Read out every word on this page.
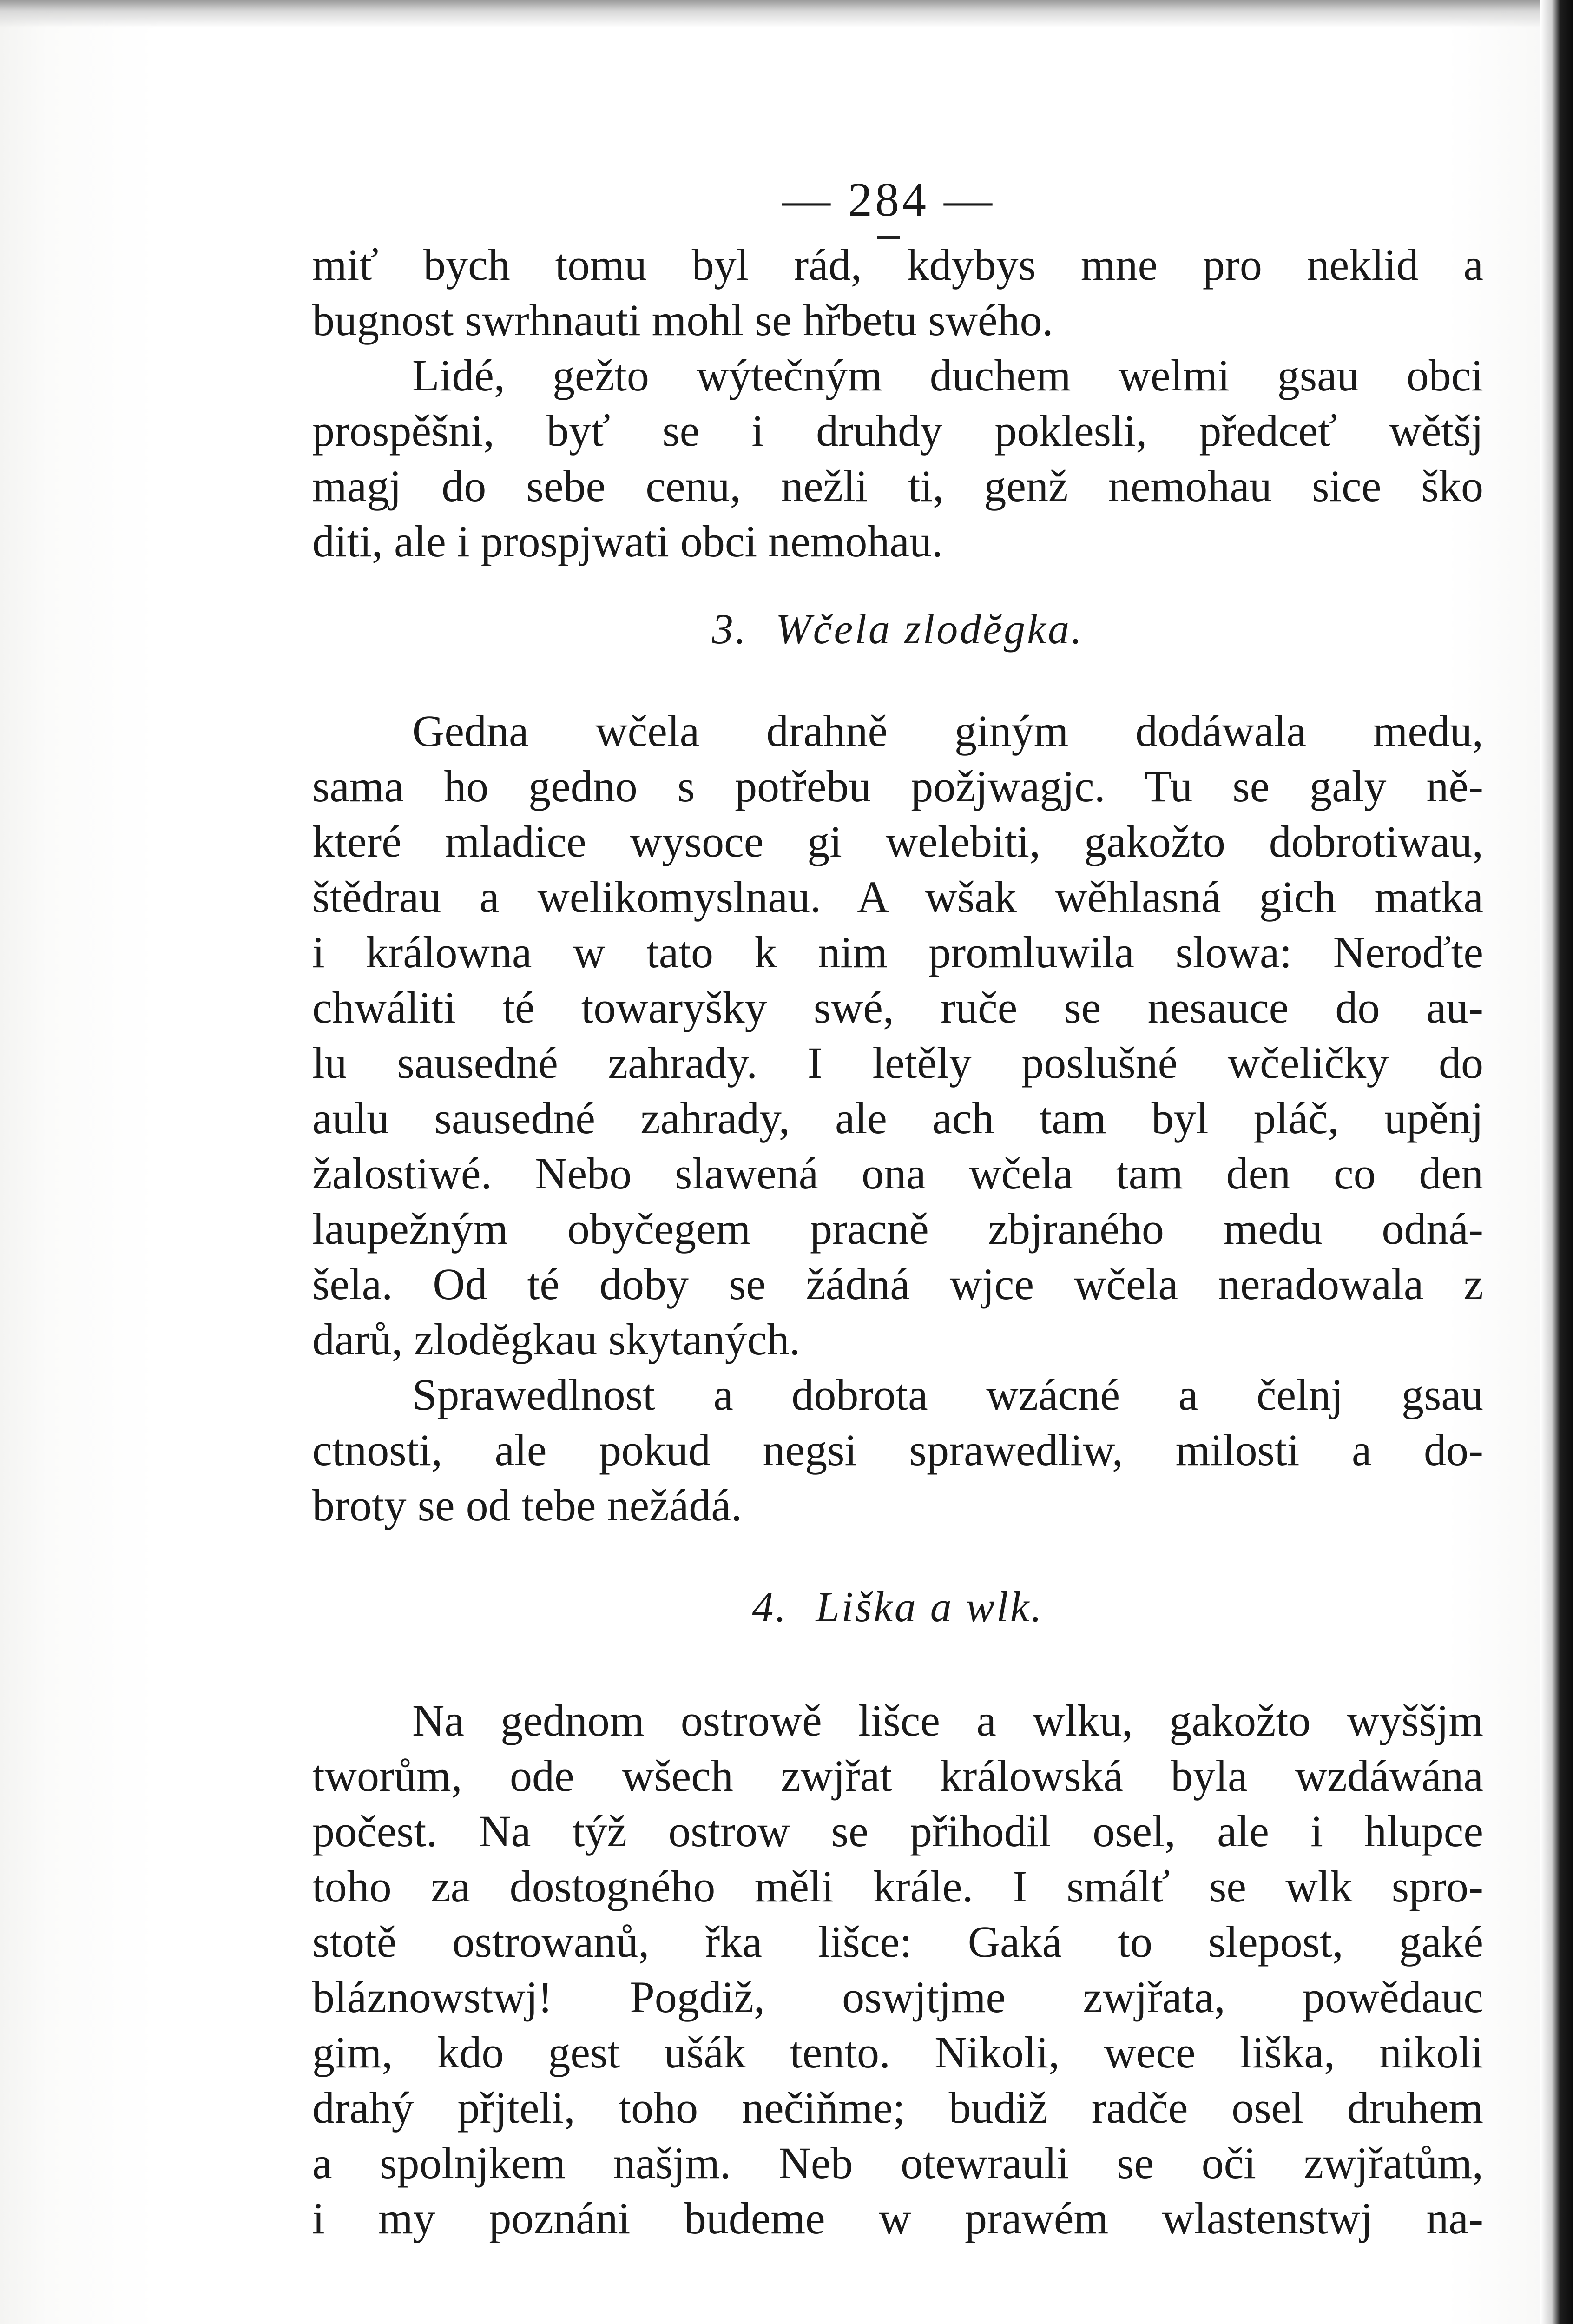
— 284 —
miť bych tomu byl rád, kdybys mne pro neklid a
bugnost swrhnauti mohl se hřbetu swého.
Lidé, gežto wýtečným duchem welmi gsau obci
prospěšni, byť se i druhdy poklesli, předceť wětšj
magj do sebe cenu, nežli ti, genž nemohau sice ško
diti, ale i prospjwati obci nemohau.
3. Wčela zlodĕgka.
Gedna wčela drahně giným dodáwala medu,
sama ho gedno s potřebu požjwagjc. Tu se galy ně-
které mladice wysoce gi welebiti, gakožto dobrotiwau,
štědrau a welikomyslnau. A wšak wěhlasná gich matka
i králowna w tato k nim promluwila slowa: Neroďte
chwáliti té towaryšky swé, ruče se nesauce do au-
lu sausedné zahrady. I letěly poslušné wčeličky do
aulu sausedné zahrady, ale ach tam byl pláč, upěnj
žalostiwé. Nebo slawená ona wčela tam den co den
laupežným obyčegem pracně zbjraného medu odná-
šela. Od té doby se žádná wjce wčela neradowala z
darů, zlodĕgkau skytaných.
Sprawedlnost a dobrota wzácné a čelnj gsau
ctnosti, ale pokud negsi sprawedliw, milosti a do-
broty se od tebe nežádá.
4. Liška a wlk.
Na gednom ostrowě lišce a wlku, gakožto wyššjm
tworům, ode wšech zwjřat králowská byla wzdáwána
počest. Na týž ostrow se přihodil osel, ale i hlupce
toho za dostogného měli krále. I smálť se wlk spro-
stotě ostrowanů, řka lišce: Gaká to slepost, gaké
bláznowstwj! Pogdiž, oswjtjme zwjřata, powědauc
gim, kdo gest ušák tento. Nikoli, wece liška, nikoli
drahý přjteli, toho nečiňme; budiž radče osel druhem
a spolnjkem našjm. Neb otewrauli se oči zwjřatům,
i my poznáni budeme w prawém wlastenstwj na-
